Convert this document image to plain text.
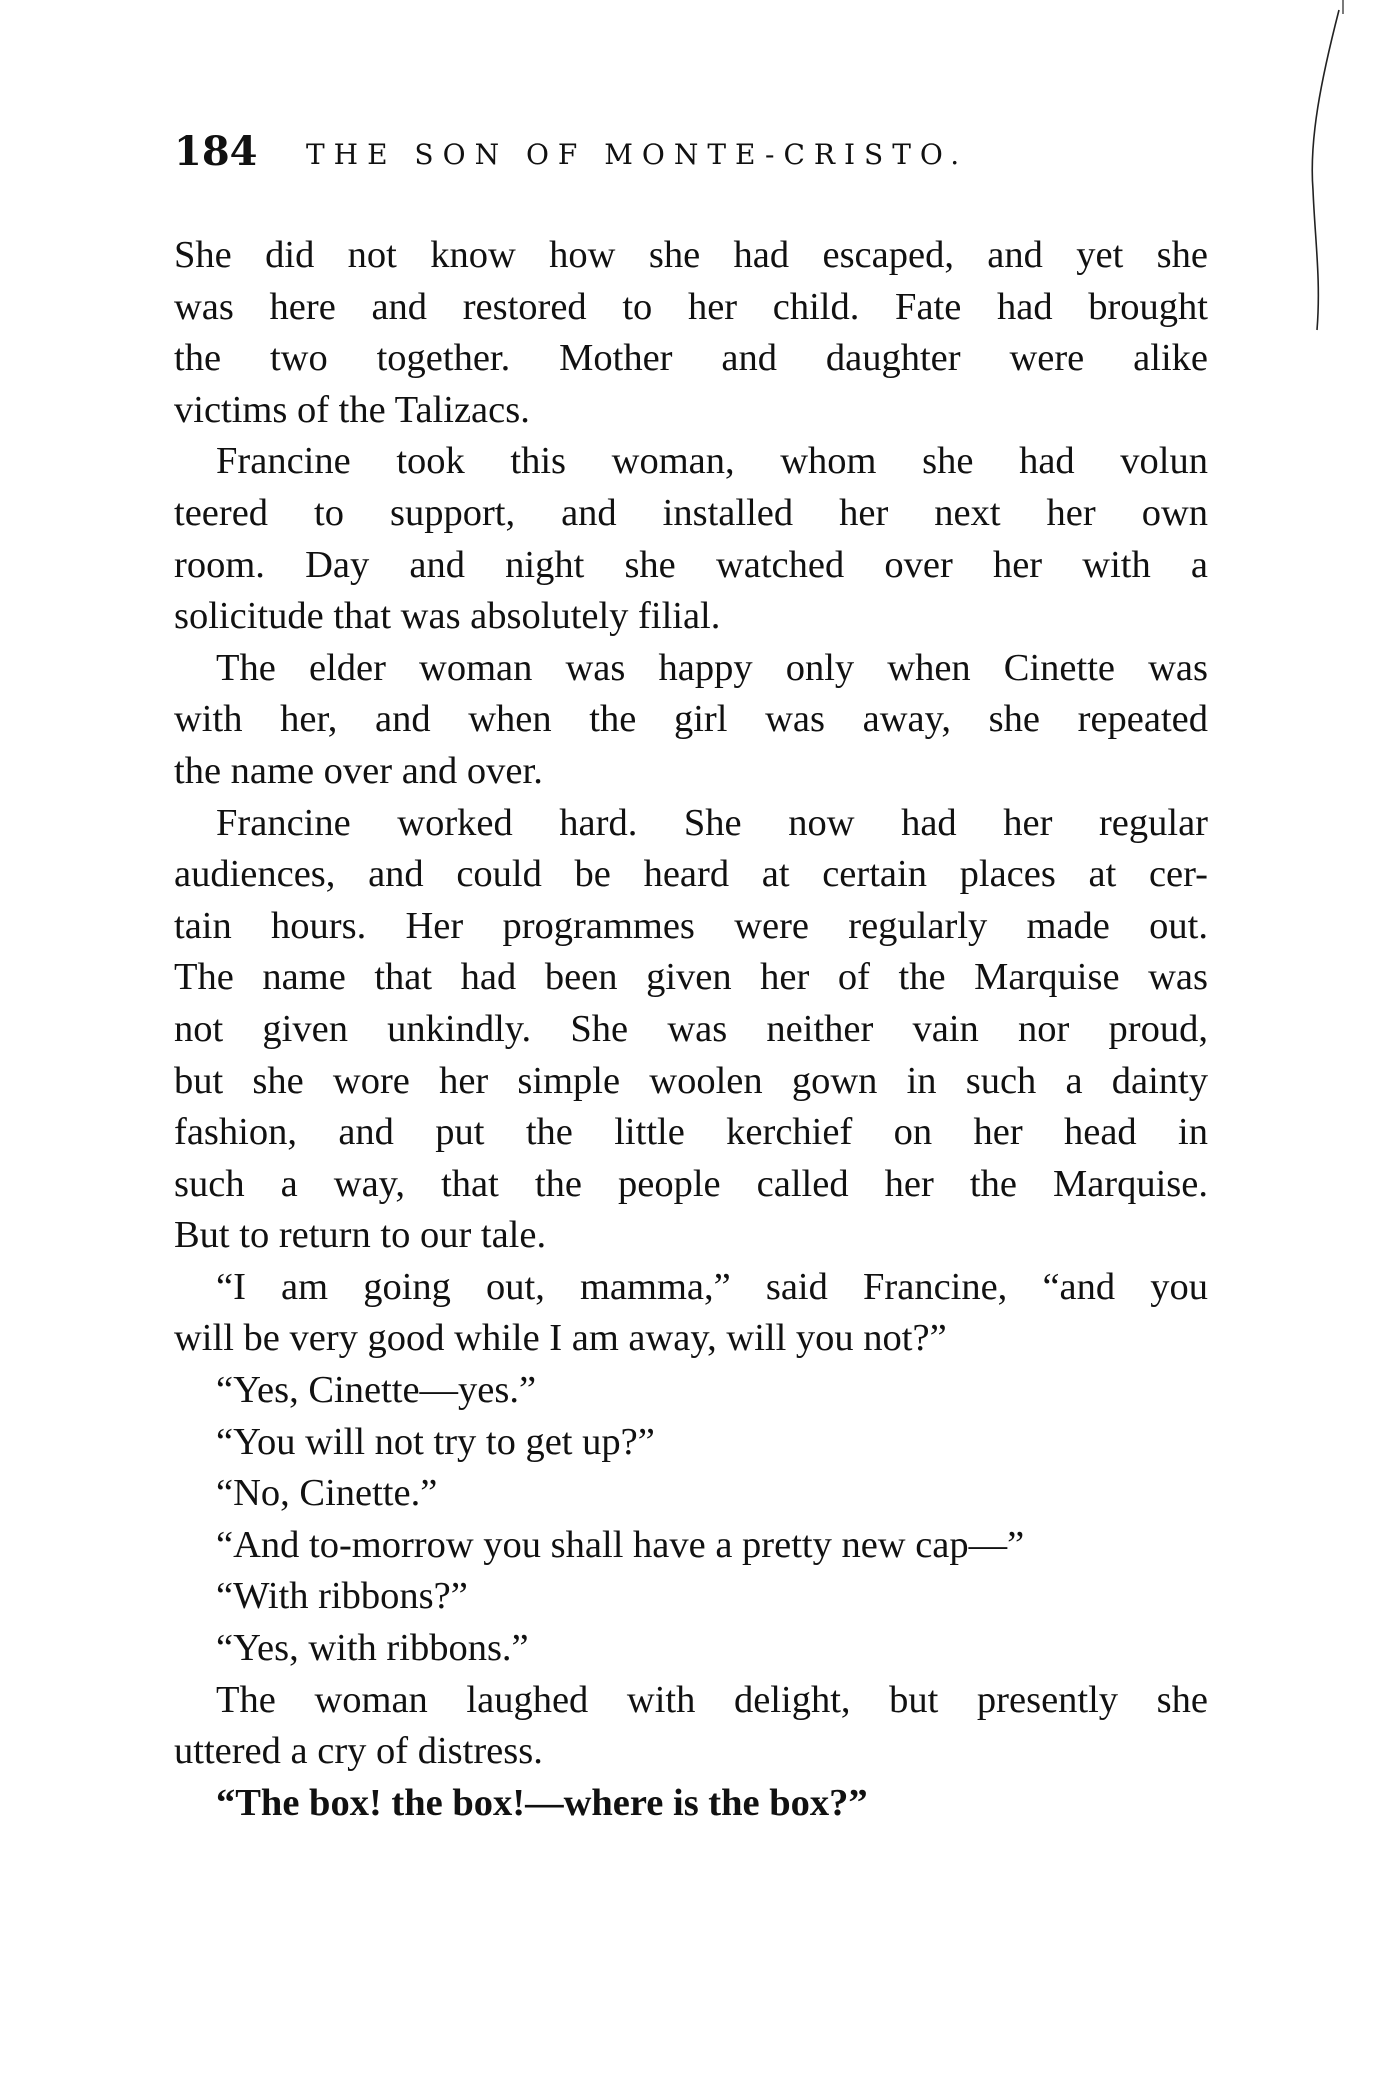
184 THE SON OF MONTE-CRISTO.
She did not know how she had escaped, and yet she
was here and restored to her child. Fate had brought
the two together. Mother and daughter were alike
victims of the Talizacs.
Francine took this woman, whom she had volun
teered to support, and installed her next her own
room. Day and night she watched over her with a
solicitude that was absolutely filial.
The elder woman was happy only when Cinette was
with her, and when the girl was away, she repeated
the name over and over.
Francine worked hard. She now had her regular
audiences, and could be heard at certain places at cer-
tain hours. Her programmes were regularly made out.
The name that had been given her of the Marquise was
not given unkindly. She was neither vain nor proud,
but she wore her simple woolen gown in such a dainty
fashion, and put the little kerchief on her head in
such a way, that the people called her the Marquise.
But to return to our tale.
“I am going out, mamma,” said Francine, “and you
will be very good while I am away, will you not?”
“Yes, Cinette—yes.”
“You will not try to get up?”
“No, Cinette.”
“And to-morrow you shall have a pretty new cap—”
“With ribbons?”
“Yes, with ribbons.”
The woman laughed with delight, but presently she
uttered a cry of distress.
“The box! the box!—where is the box?”
